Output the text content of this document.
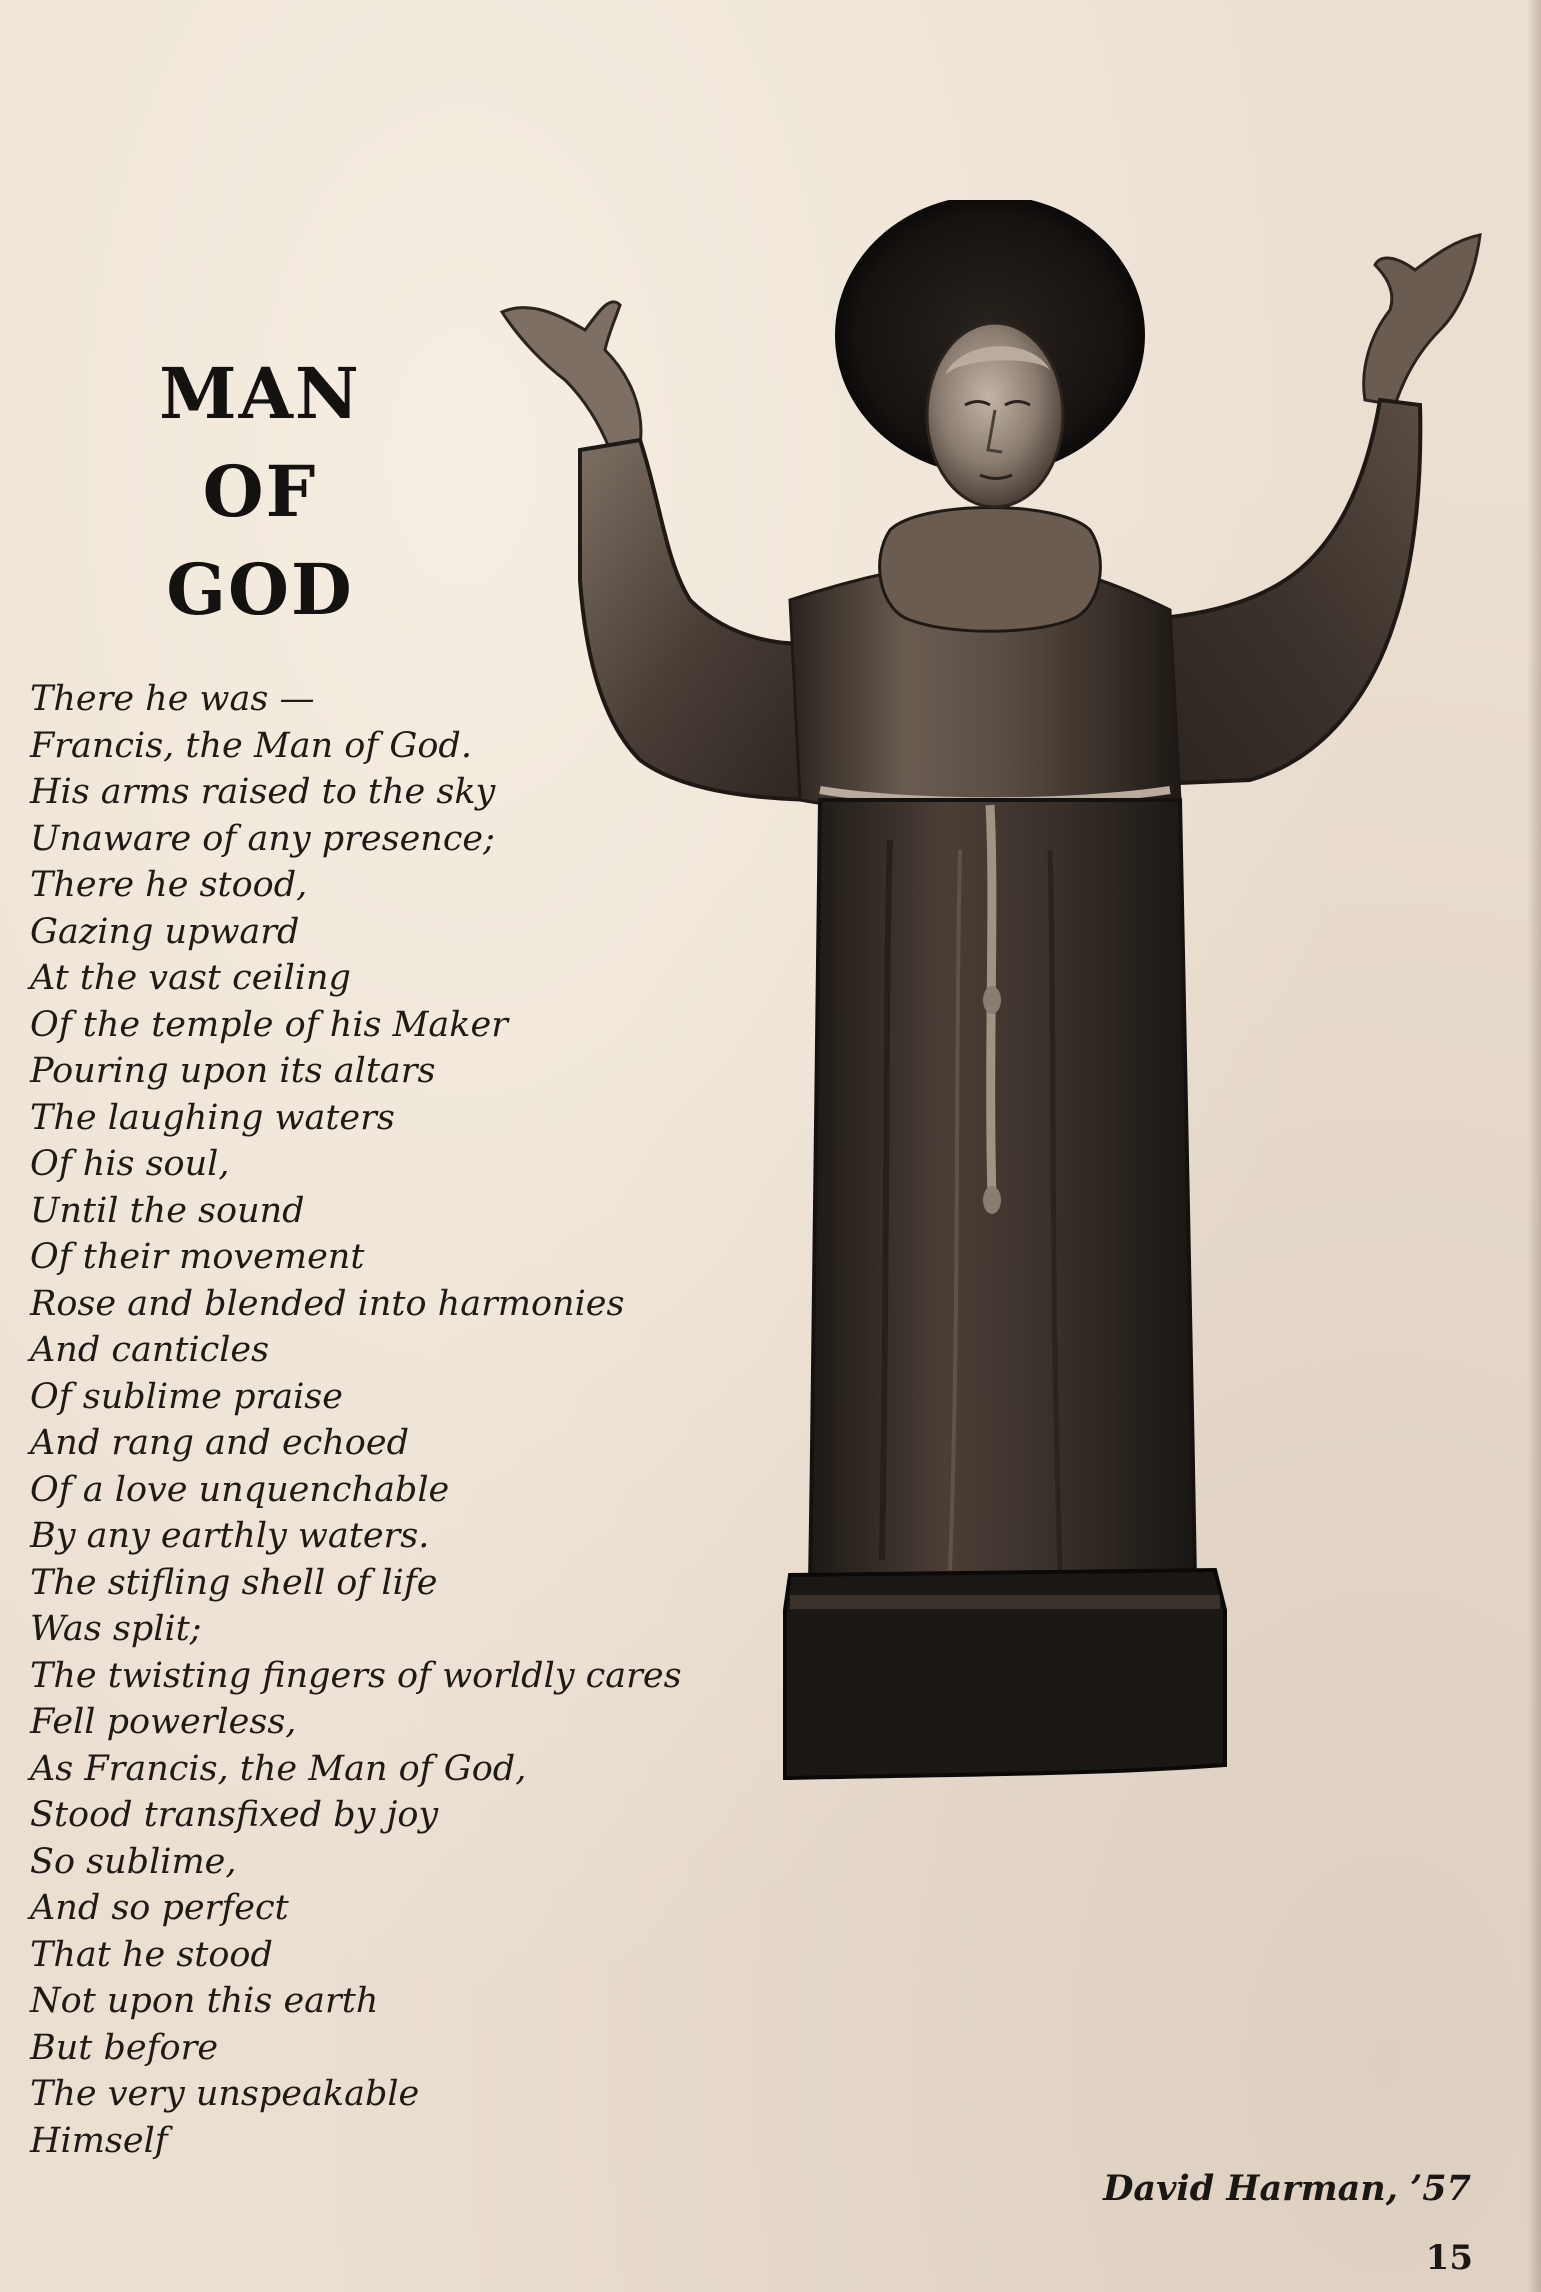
MAN
OF
GOD
There he was —
Francis, the Man of God.
His arms raised to the sky
Unaware of any presence;
There he stood,
Gazing upward
At the vast ceiling
Of the temple of his Maker
Pouring upon its altars
The laughing waters
Of his soul,
Until the sound
Of their movement
Rose and blended into harmonies
And canticles
Of sublime praise
And rang and echoed
Of a love unquenchable
By any earthly waters.
The stifling shell of life
Was split;
The twisting fingers of worldly cares
Fell powerless,
As Francis, the Man of God,
Stood transfixed by joy
So sublime,
And so perfect
That he stood
Not upon this earth
But before
The very unspeakable
Himself
David Harman, ’57
15
